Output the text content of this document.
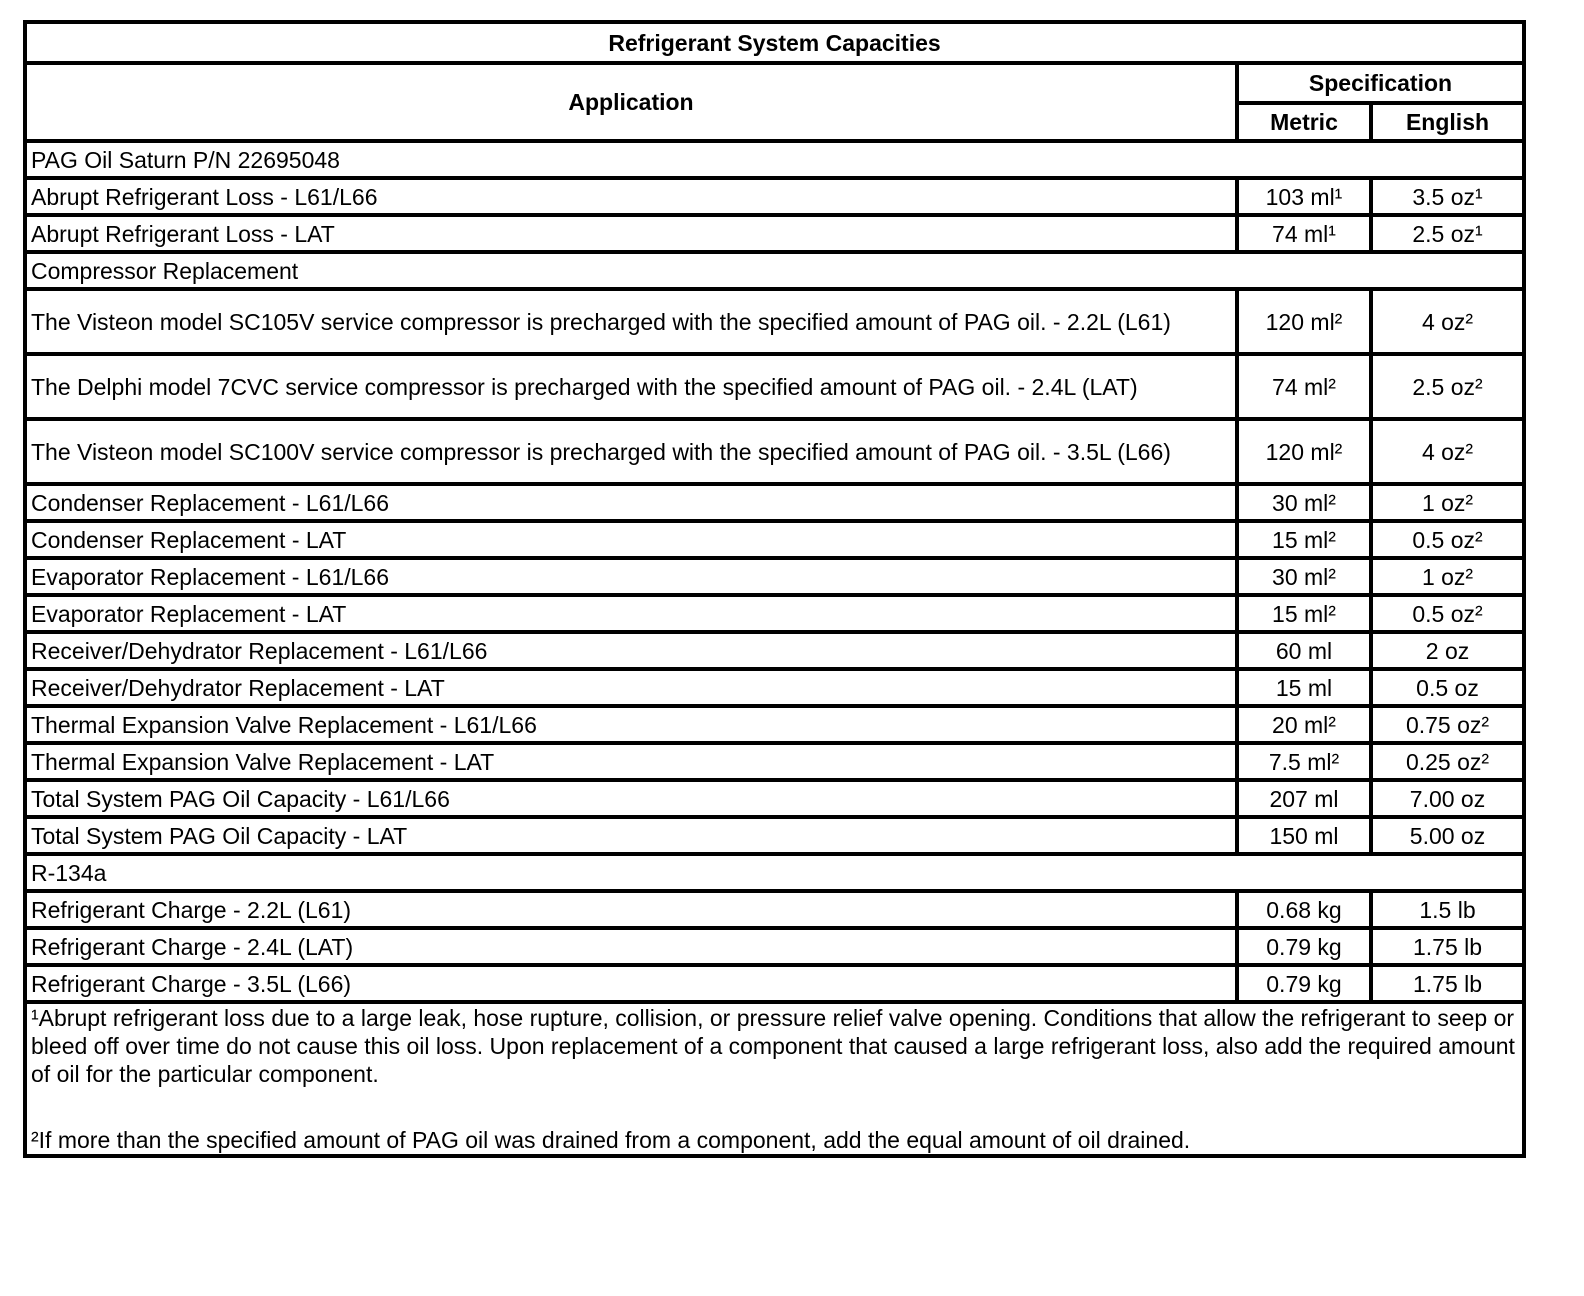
Refrigerant System Capacities		
Application	Specification	
	Metric	English
PAG Oil Saturn P/N 22695048		
Abrupt Refrigerant Loss - L61/L66	103 ml¹	3.5 oz¹
Abrupt Refrigerant Loss - LAT	74 ml¹	2.5 oz¹
Compressor Replacement		
The Visteon model SC105V service compressor is precharged with the specified amount of PAG oil. - 2.2L (L61)	120 ml²	4 oz²
The Delphi model 7CVC service compressor is precharged with the specified amount of PAG oil. - 2.4L (LAT)	74 ml²	2.5 oz²
The Visteon model SC100V service compressor is precharged with the specified amount of PAG oil. - 3.5L (L66)	120 ml²	4 oz²
Condenser Replacement - L61/L66	30 ml²	1 oz²
Condenser Replacement - LAT	15 ml²	0.5 oz²
Evaporator Replacement - L61/L66	30 ml²	1 oz²
Evaporator Replacement - LAT	15 ml²	0.5 oz²
Receiver/Dehydrator Replacement - L61/L66	60 ml	2 oz
Receiver/Dehydrator Replacement - LAT	15 ml	0.5 oz
Thermal Expansion Valve Replacement - L61/L66	20 ml²	0.75 oz²
Thermal Expansion Valve Replacement - LAT	7.5 ml²	0.25 oz²
Total System PAG Oil Capacity - L61/L66	207 ml	7.00 oz
Total System PAG Oil Capacity - LAT	150 ml	5.00 oz
R-134a		
Refrigerant Charge - 2.2L (L61)	0.68 kg	1.5 lb
Refrigerant Charge - 2.4L (LAT)	0.79 kg	1.75 lb
Refrigerant Charge - 3.5L (L66)	0.79 kg	1.75 lb

¹Abrupt refrigerant loss due to a large leak, hose rupture, collision, or pressure relief valve opening. Conditions that allow the refrigerant to seep or bleed off over time do not cause this oil loss. Upon replacement of a component that caused a large refrigerant loss, also add the required amount of oil for the particular component.
²If more than the specified amount of PAG oil was drained from a component, add the equal amount of oil drained.		
